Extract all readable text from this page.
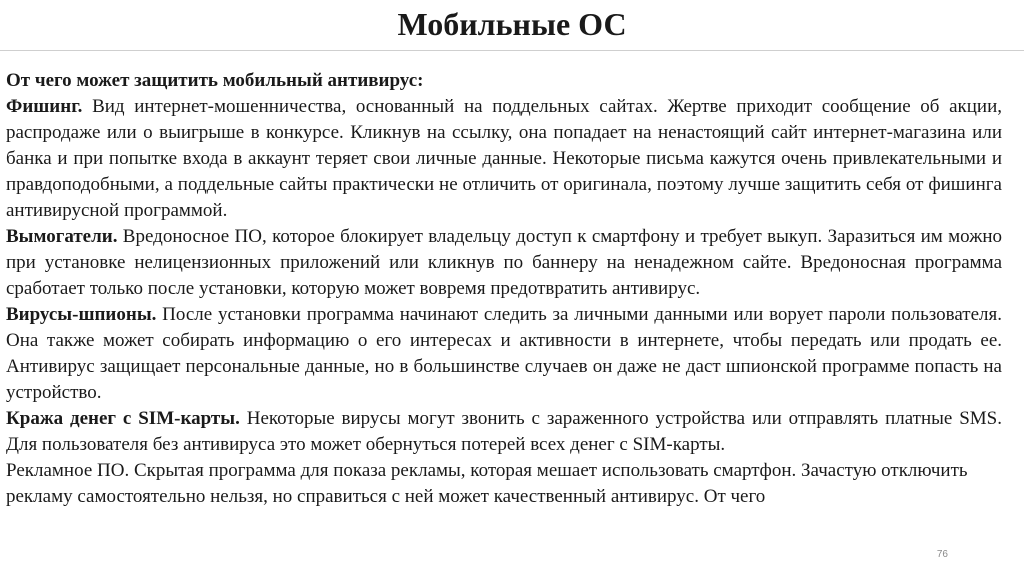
Мобильные ОС

От чего может защитить мобильный антивирус:

Фишинг. Вид интернет-мошенничества, основанный на поддельных сайтах. Жертве приходит сообщение об акции, распродаже или о выигрыше в конкурсе. Кликнув на ссылку, она попадает на ненастоящий сайт интернет-магазина или банка и при попытке входа в аккаунт теряет свои личные данные. Некоторые письма кажутся очень привлекательными и правдоподобными, а поддельные сайты практически не отличить от оригинала, поэтому лучше защитить себя от фишинга антивирусной программой.

Вымогатели. Вредоносное ПО, которое блокирует владельцу доступ к смартфону и требует выкуп. Заразиться им можно при установке нелицензионных приложений или кликнув по баннеру на ненадежном сайте. Вредоносная программа сработает только после установки, которую может вовремя предотвратить антивирус.

Вирусы-шпионы. После установки программа начинают следить за личными данными или ворует пароли пользователя. Она также может собирать информацию о его интересах и активности в интернете, чтобы передать или продать ее. Антивирус защищает персональные данные, но в большинстве случаев он даже не даст шпионской программе попасть на устройство.

Кража денег с SIM-карты. Некоторые вирусы могут звонить с зараженного устройства или отправлять платные SMS. Для пользователя без антивируса это может обернуться потерей всех денег с SIM-карты.

Рекламное ПО. Скрытая программа для показа рекламы, которая мешает использовать смартфон. Зачастую отключить рекламу самостоятельно нельзя, но справиться с ней может качественный антивирус. От чего

76
